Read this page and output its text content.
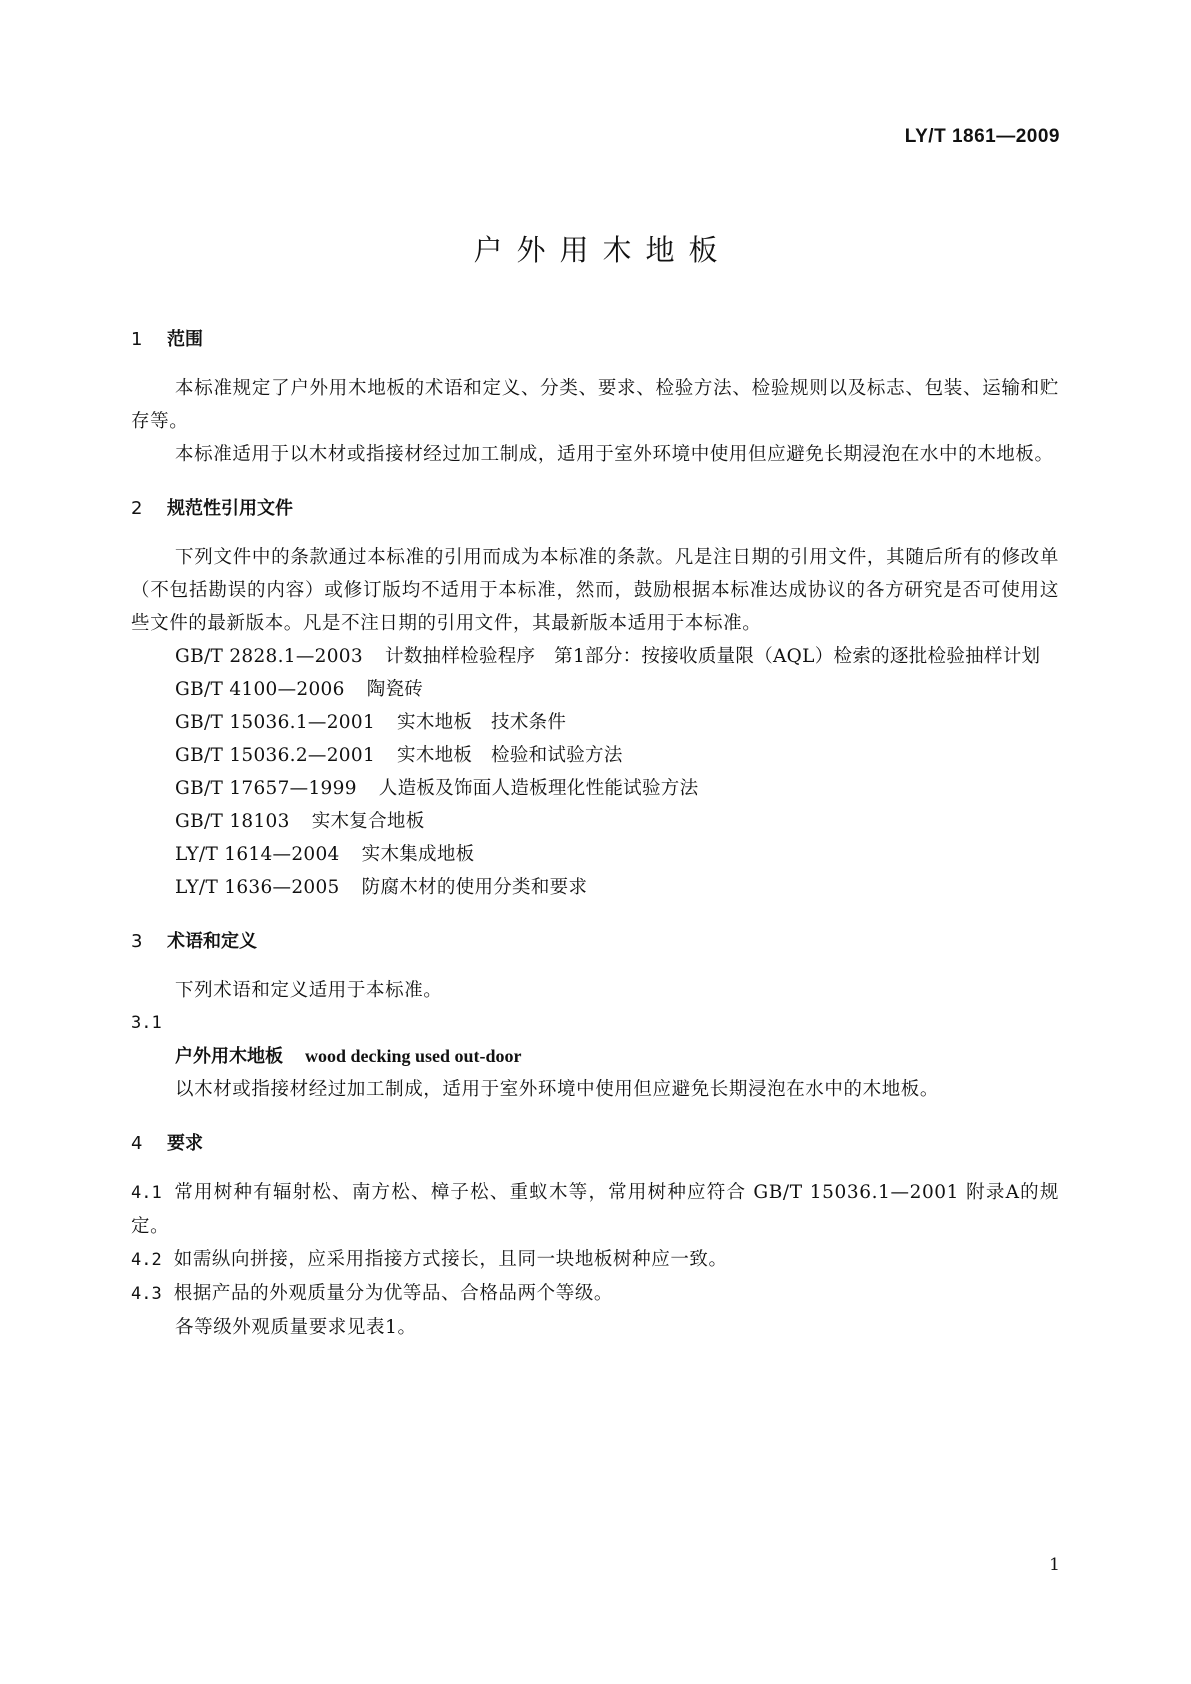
LY/T 1861—2009

户外用木地板
1	范围

本标准规定了户外用木地板的术语和定义、分类、要求、检验方法、检验规则以及标志、包装、运输和贮存等。

本标准适用于以木材或指接材经过加工制成，适用于室外环境中使用但应避免长期浸泡在水中的木地板。

2	规范性引用文件

下列文件中的条款通过本标准的引用而成为本标准的条款。凡是注日期的引用文件，其随后所有的修改单（不包括勘误的内容）或修订版均不适用于本标准，然而，鼓励根据本标准达成协议的各方研究是否可使用这些文件的最新版本。凡是不注日期的引用文件，其最新版本适用于本标准。

GB/T 2828.1—2003 计数抽样检验程序　第1部分：按接收质量限（AQL）检索的逐批检验抽样计划

GB/T 4100—2006 陶瓷砖

GB/T 15036.1—2001 实木地板　技术条件

GB/T 15036.2—2001 实木地板　检验和试验方法

GB/T 17657—1999 人造板及饰面人造板理化性能试验方法

GB/T 18103 实木复合地板

LY/T 1614—2004 实木集成地板

LY/T 1636—2005 防腐木材的使用分类和要求

3	术语和定义

下列术语和定义适用于本标准。

3.1

户外用木地板 wood decking used out-door

以木材或指接材经过加工制成，适用于室外环境中使用但应避免长期浸泡在水中的木地板。

4	要求

4.1 常用树种有辐射松、南方松、樟子松、重蚁木等，常用树种应符合 GB/T 15036.1—2001 附录A的规定。

4.2 如需纵向拼接，应采用指接方式接长，且同一块地板树种应一致。

4.3 根据产品的外观质量分为优等品、合格品两个等级。

各等级外观质量要求见表1。

1
